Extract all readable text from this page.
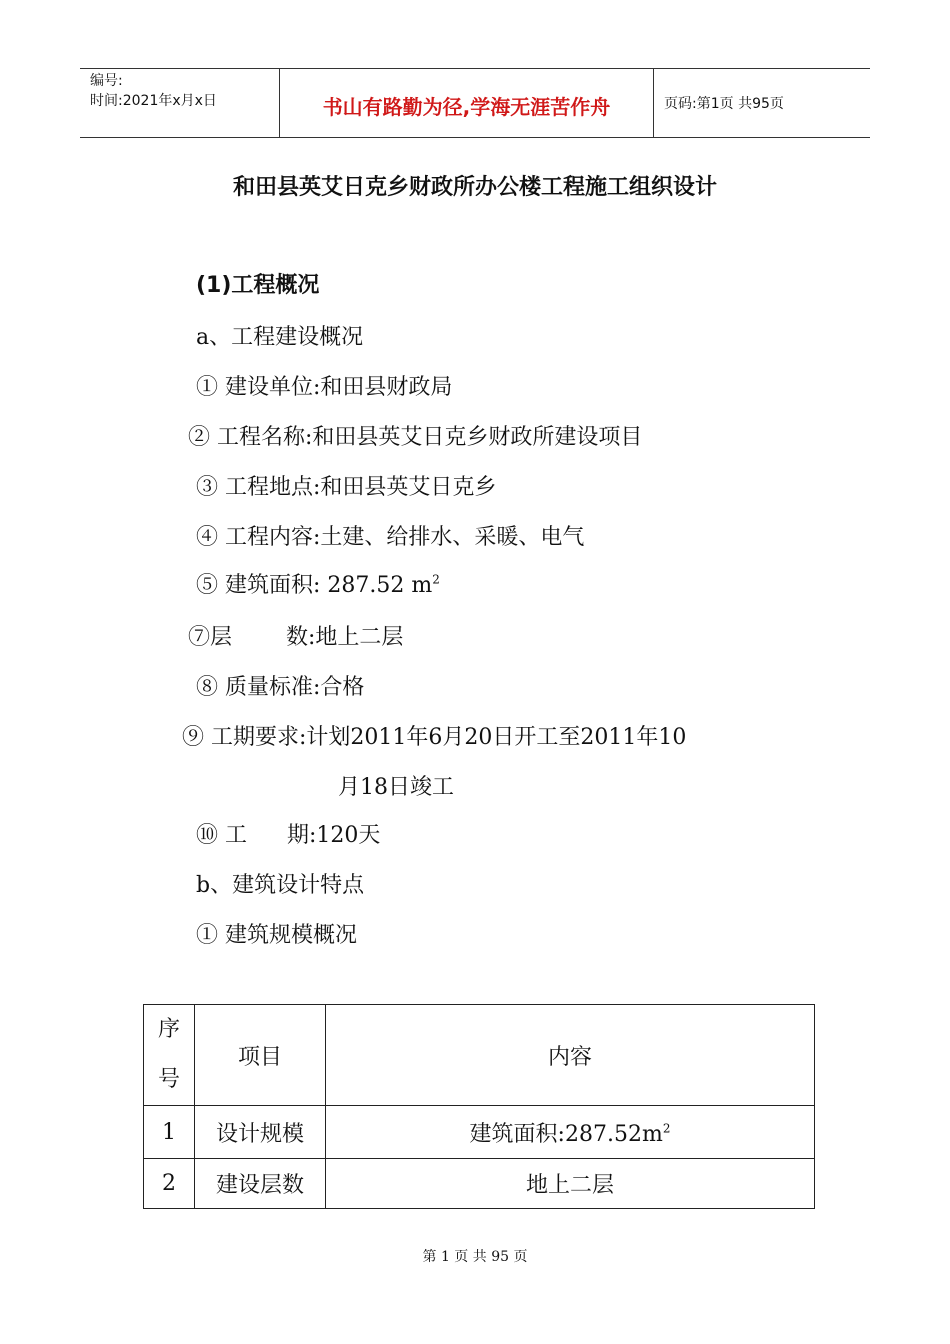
编号:
时间:2021年x月x日	书山有路勤为径,学海无涯苦作舟	页码:第1页 共95页
和田县英艾日克乡财政所办公楼工程施工组织设计
(1)工程概况
a、工程建设概况
① 建设单位:和田县财政局
② 工程名称:和田县英艾日克乡财政所建设项目
③ 工程地点:和田县英艾日克乡
④ 工程内容:土建、给排水、采暖、电气
⑤ 建筑面积: 287.52 $m^2$
⑦层 数:地上二层
⑧ 质量标准:合格
⑨ 工期要求:计划2011年6月20日开工至2011年10
月18日竣工
⑩ 工 期:120天
b、建筑设计特点
① 建筑规模概况
序
号	项目	内容
1	设计规模	建筑面积$:287.52m^2$
2	建设层数	地上二层
第 1 页 共 95 页
